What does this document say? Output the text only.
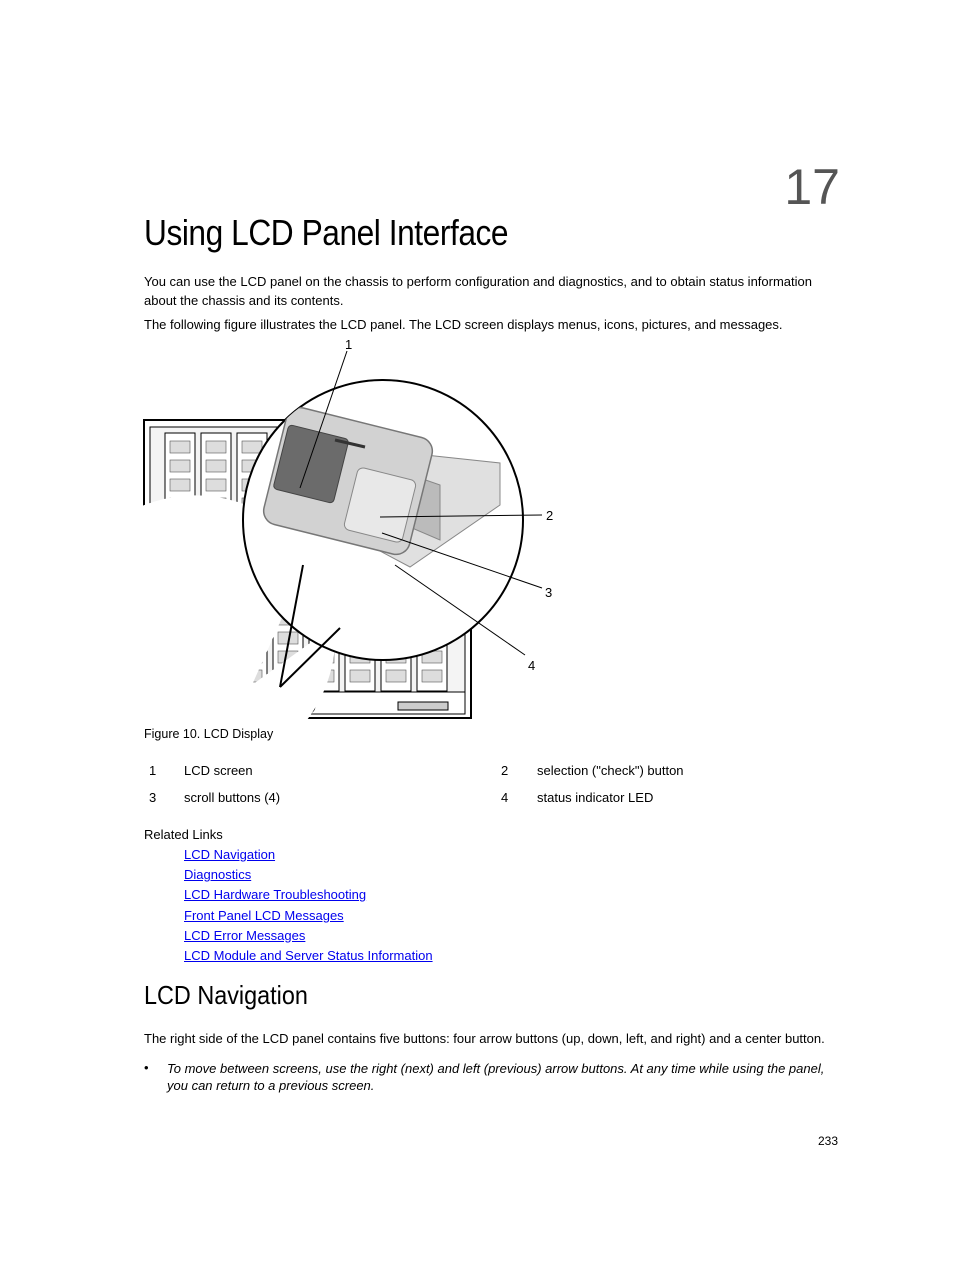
17
Using LCD Panel Interface
You can use the LCD panel on the chassis to perform configuration and diagnostics, and to obtain status information about the chassis and its contents.
The following figure illustrates the LCD panel. The LCD screen displays menus, icons, pictures, and messages.
1
2
3
4
Figure 10. LCD Display
1 LCD screen	2 selection ("check") button
3 scroll buttons (4)	4 status indicator LED
Related Links
LCD Navigation
Diagnostics
LCD Hardware Troubleshooting
Front Panel LCD Messages
LCD Error Messages
LCD Module and Server Status Information
LCD Navigation
The right side of the LCD panel contains five buttons: four arrow buttons (up, down, left, and right) and a center button.
• To move between screens, use the right (next) and left (previous) arrow buttons. At any time while using the panel, you can return to a previous screen.
233
